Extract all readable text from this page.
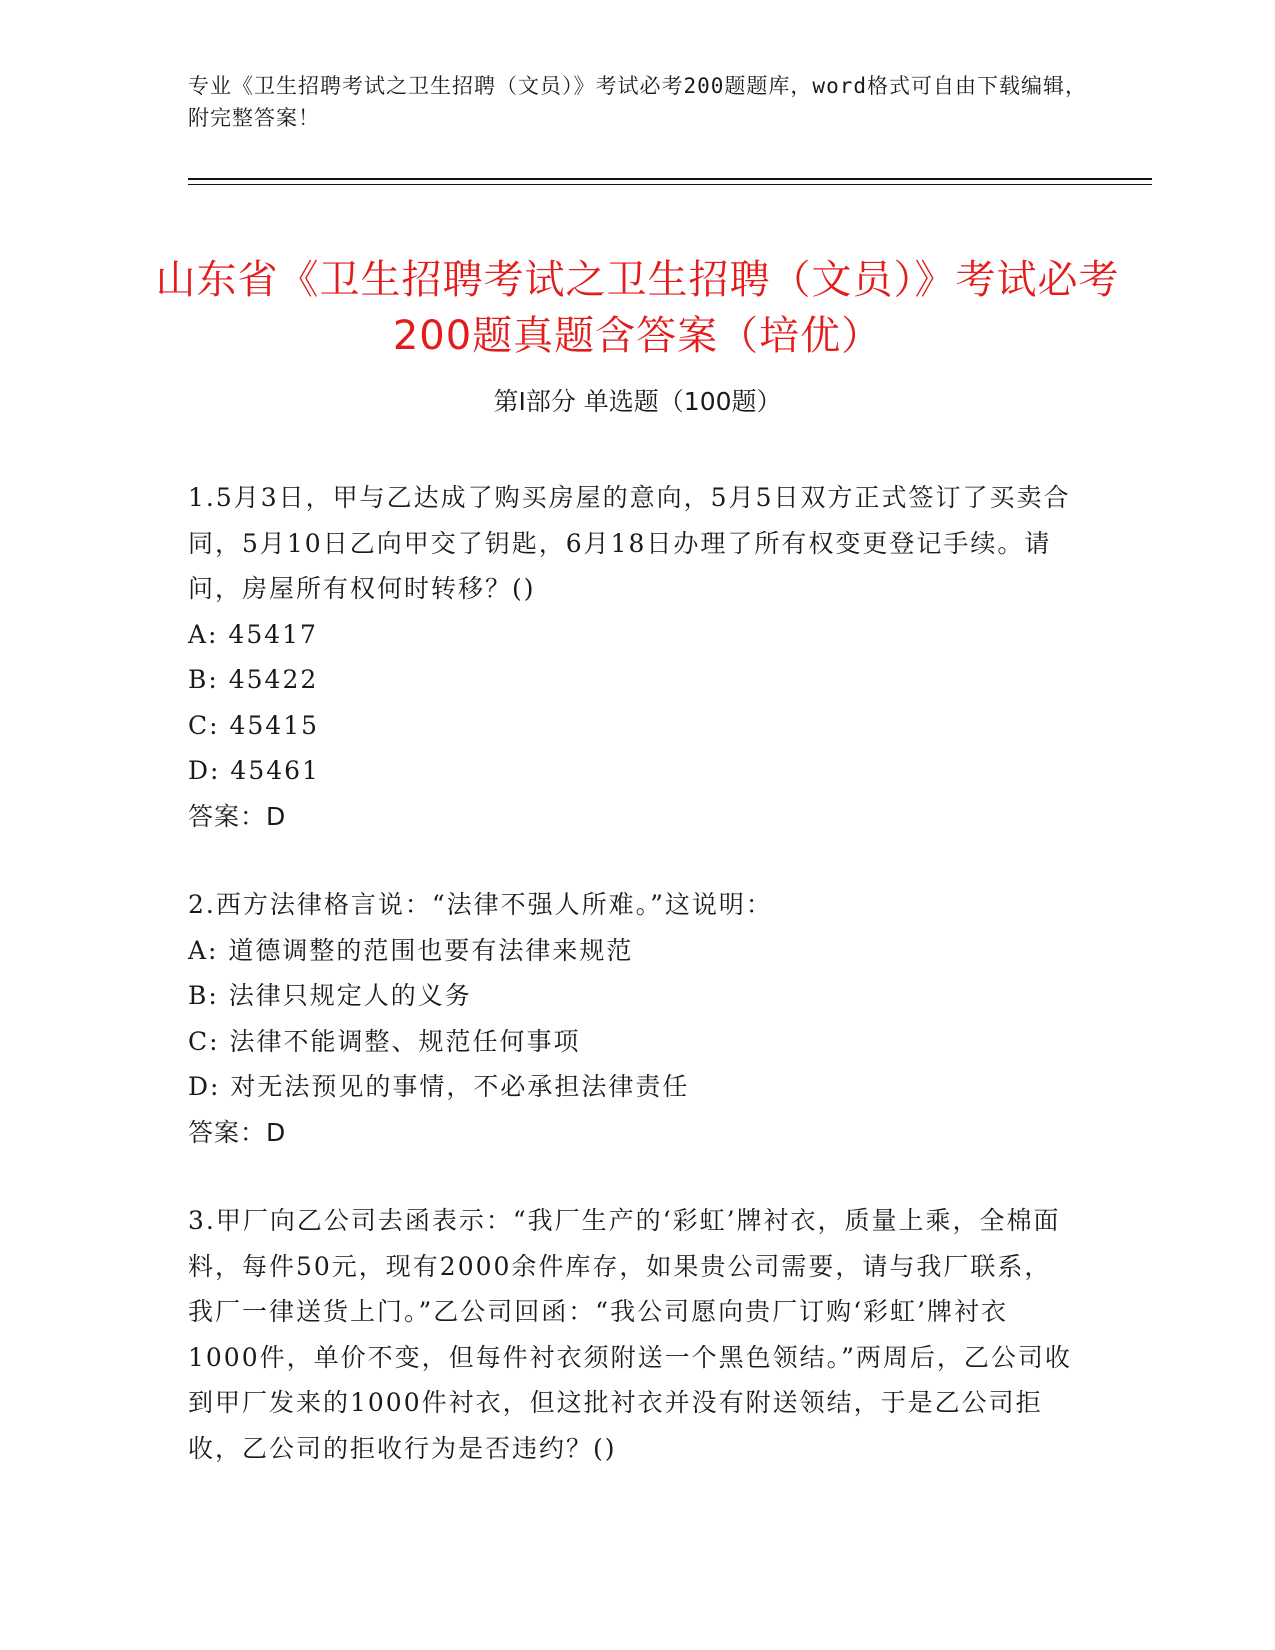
专业《卫生招聘考试之卫生招聘（文员）》考试必考200题题库，word格式可自由下载编辑，附完整答案！
山东省《卫生招聘考试之卫生招聘（文员）》考试必考200题真题含答案（培优）
第Ⅰ部分 单选题（100题）
1.5月3日，甲与乙达成了购买房屋的意向，5月5日双方正式签订了买卖合同，5月10日乙向甲交了钥匙，6月18日办理了所有权变更登记手续。请问，房屋所有权何时转移？()
A: 45417
B: 45422
C: 45415
D: 45461
答案：D
2.西方法律格言说：“法律不强人所难。”这说明：
A: 道德调整的范围也要有法律来规范
B: 法律只规定人的义务
C: 法律不能调整、规范任何事项
D: 对无法预见的事情，不必承担法律责任
答案：D
3.甲厂向乙公司去函表示：“我厂生产的‘彩虹’牌衬衣，质量上乘，全棉面料，每件50元，现有2000余件库存，如果贵公司需要，请与我厂联系，我厂一律送货上门。”乙公司回函：“我公司愿向贵厂订购‘彩虹’牌衬衣1000件，单价不变，但每件衬衣须附送一个黑色领结。”两周后，乙公司收到甲厂发来的1000件衬衣，但这批衬衣并没有附送领结，于是乙公司拒收，乙公司的拒收行为是否违约？()
